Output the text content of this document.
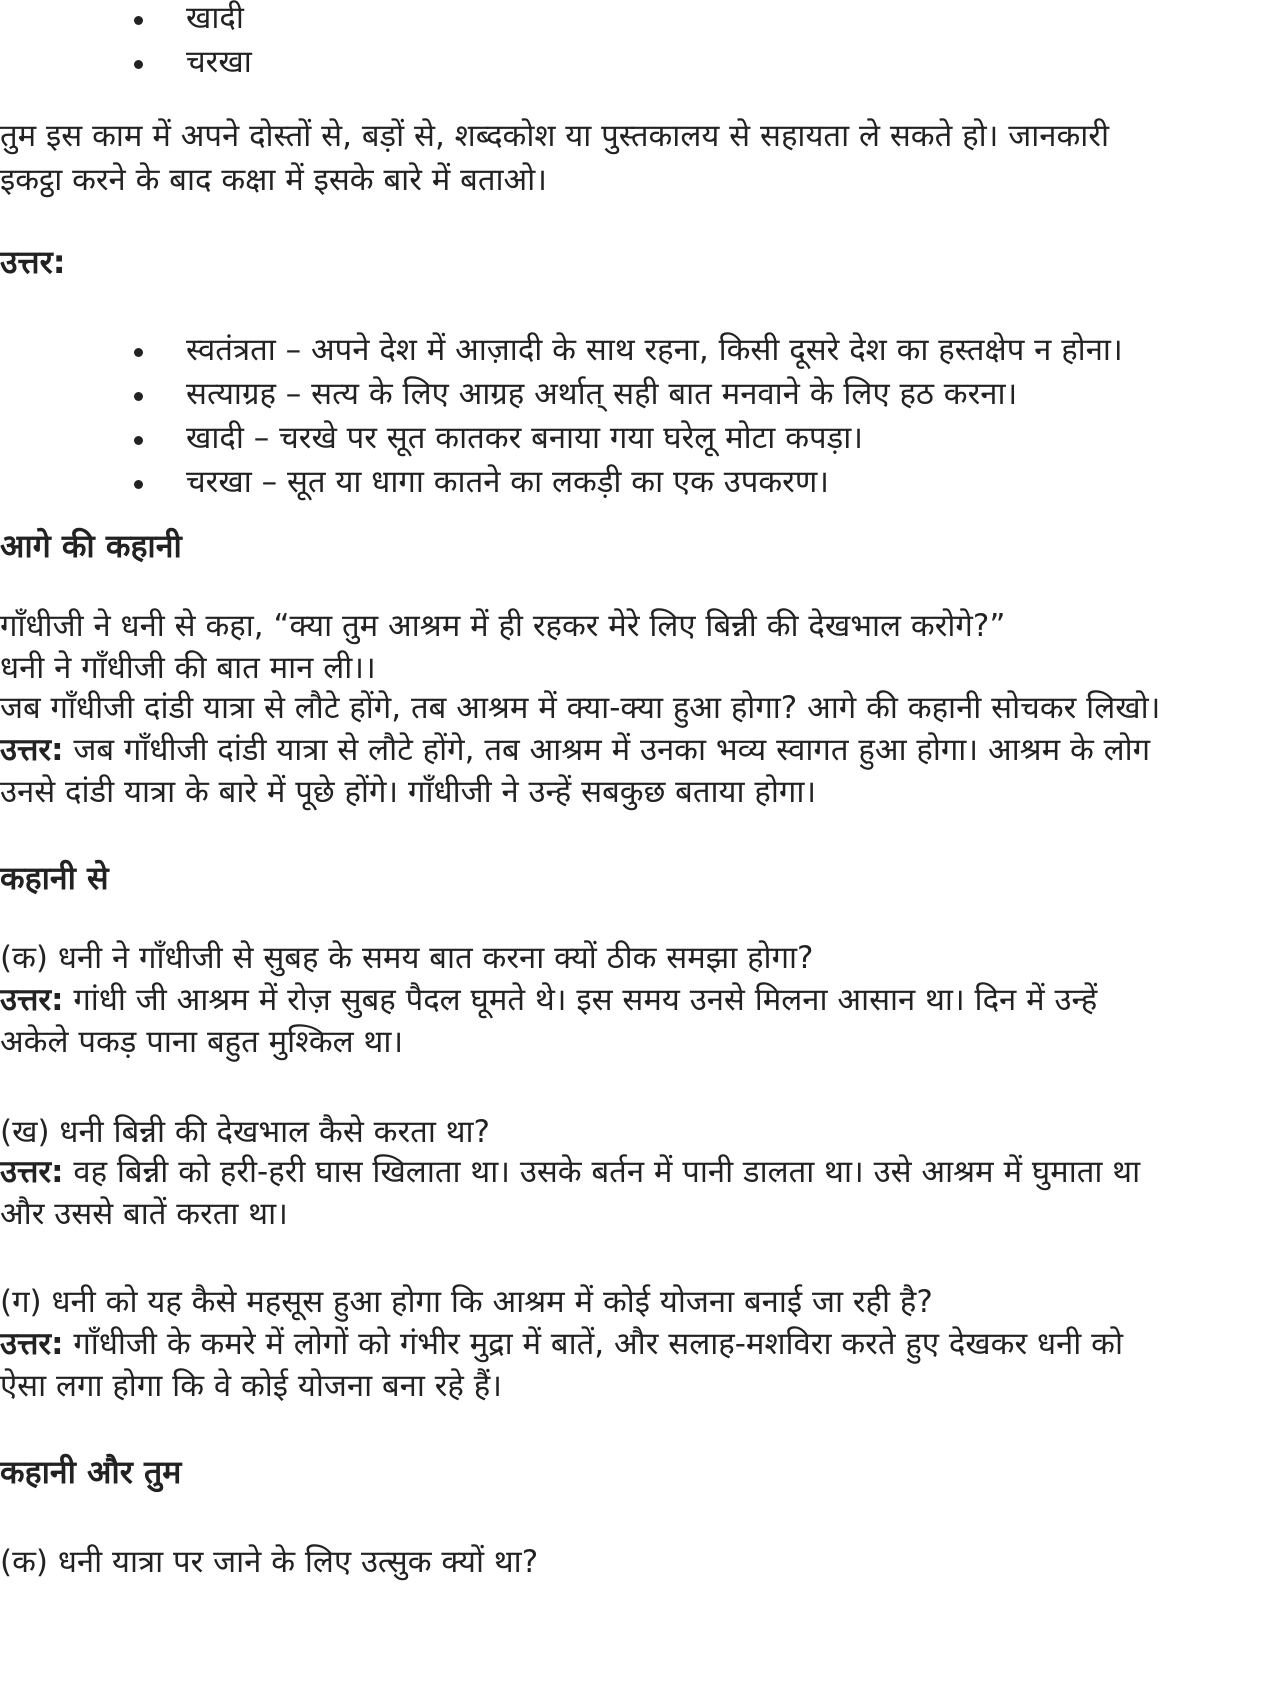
खादी
चरखा
तुम इस काम में अपने दोस्तों से, बड़ों से, शब्दकोश या पुस्तकालय से सहायता ले सकते हो। जानकारी
इकट्ठा करने के बाद कक्षा में इसके बारे में बताओ।
उत्तर:
स्वतंत्रता – अपने देश में आज़ादी के साथ रहना, किसी दूसरे देश का हस्तक्षेप न होना।
सत्याग्रह – सत्य के लिए आग्रह अर्थात् सही बात मनवाने के लिए हठ करना।
खादी – चरखे पर सूत कातकर बनाया गया घरेलू मोटा कपड़ा।
चरखा – सूत या धागा कातने का लकड़ी का एक उपकरण।
आगे की कहानी
गाँधीजी ने धनी से कहा, “क्या तुम आश्रम में ही रहकर मेरे लिए बिन्नी की देखभाल करोगे?”
धनी ने गाँधीजी की बात मान ली।।
जब गाँधीजी दांडी यात्रा से लौटे होंगे, तब आश्रम में क्या-क्या हुआ होगा? आगे की कहानी सोचकर लिखो।
उत्तर: जब गाँधीजी दांडी यात्रा से लौटे होंगे, तब आश्रम में उनका भव्य स्वागत हुआ होगा। आश्रम के लोग
उनसे दांडी यात्रा के बारे में पूछे होंगे। गाँधीजी ने उन्हें सबकुछ बताया होगा।
कहानी से
(क) धनी ने गाँधीजी से सुबह के समय बात करना क्यों ठीक समझा होगा?
उत्तर: गांधी जी आश्रम में रोज़ सुबह पैदल घूमते थे। इस समय उनसे मिलना आसान था। दिन में उन्हें
अकेले पकड़ पाना बहुत मुश्किल था।
(ख) धनी बिन्नी की देखभाल कैसे करता था?
उत्तर: वह बिन्नी को हरी-हरी घास खिलाता था। उसके बर्तन में पानी डालता था। उसे आश्रम में घुमाता था
और उससे बातें करता था।
(ग) धनी को यह कैसे महसूस हुआ होगा कि आश्रम में कोई योजना बनाई जा रही है?
उत्तर: गाँधीजी के कमरे में लोगों को गंभीर मुद्रा में बातें, और सलाह-मशविरा करते हुए देखकर धनी को
ऐसा लगा होगा कि वे कोई योजना बना रहे हैं।
कहानी और तुम
(क) धनी यात्रा पर जाने के लिए उत्सुक क्यों था?
